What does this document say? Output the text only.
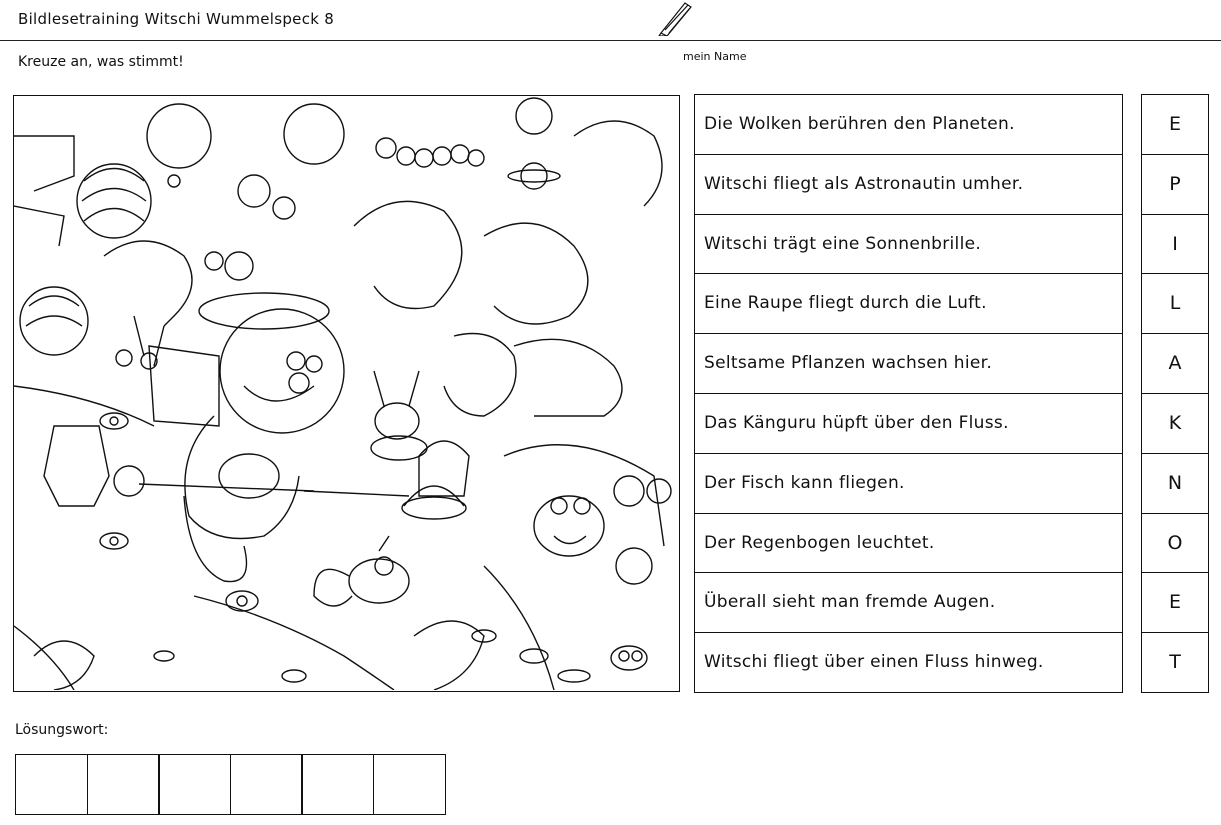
Bildlesetraining Witschi Wummelspeck 8
Kreuze an, was stimmt!	mein Name
Die Wolken berühren den Planeten.
Witschi fliegt als Astronautin umher.
Witschi trägt eine Sonnenbrille.
Eine Raupe fliegt durch die Luft.
Seltsame Pflanzen wachsen hier.
Das Känguru hüpft über den Fluss.
Der Fisch kann fliegen.
Der Regenbogen leuchtet.
Überall sieht man fremde Augen.
Witschi fliegt über einen Fluss hinweg.
E
P
I
L
A
K
N
O
E
T
Lösungswort:
